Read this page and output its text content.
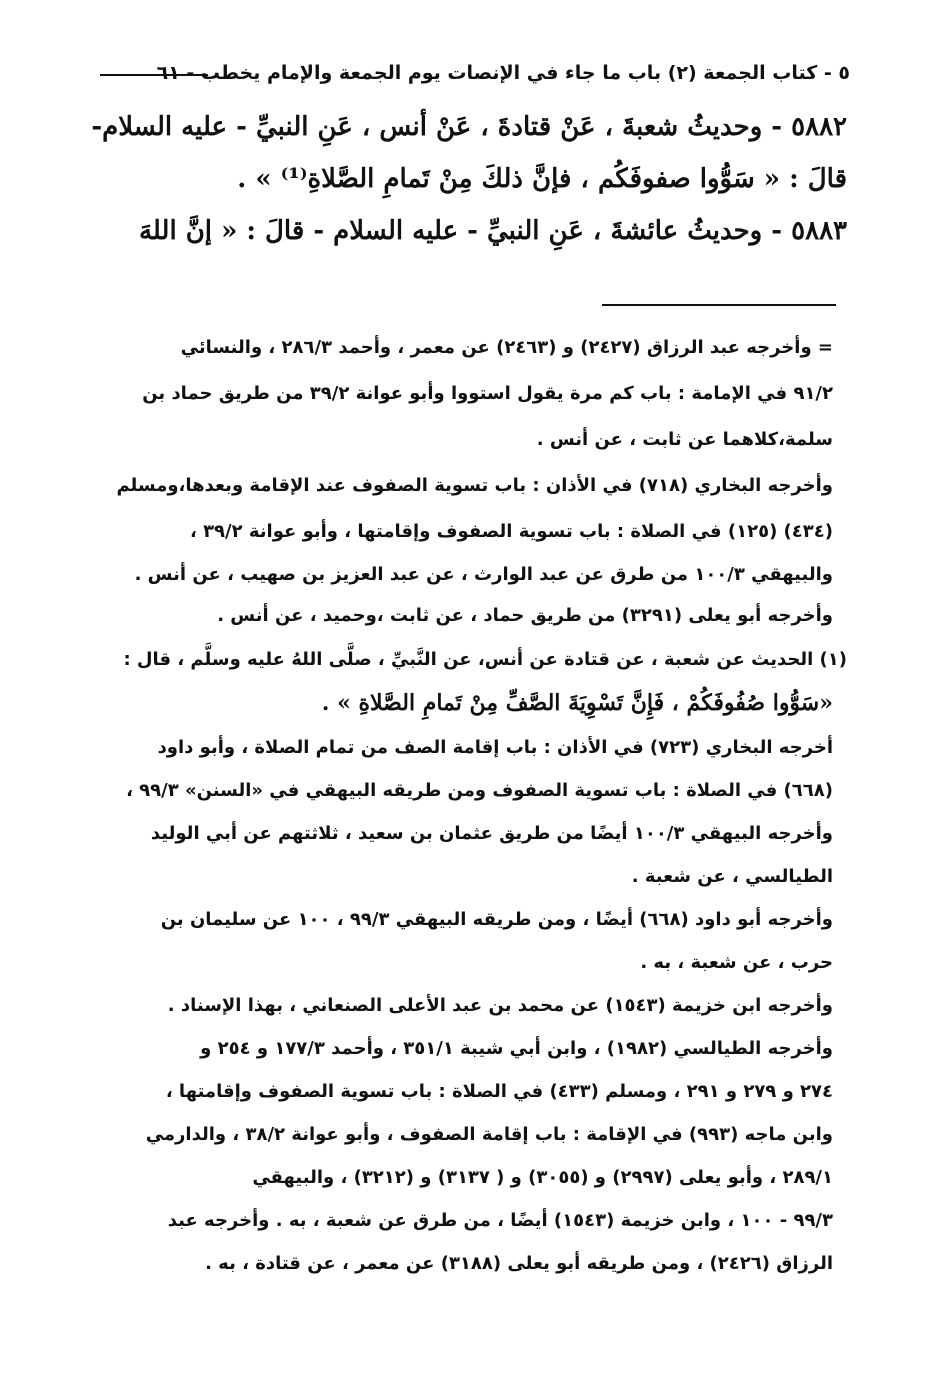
٥ - كتاب الجمعة (٢) باب ما جاء في الإنصات يوم الجمعة والإمام يخطب - ٦١
٥٨٨٢ - وحديثُ شعبةَ ، عَنْ قتادةَ ، عَنْ أنس ، عَنِ النبيِّ - عليه السلام-
قالَ : « سَوُّوا صفوفَكُم ، فإنَّ ذلكَ مِنْ تَمامِ الصَّلاةِ⁽¹⁾ » .
٥٨٨٣ - وحديثُ عائشةَ ، عَنِ النبيِّ - عليه السلام - قالَ : « إنَّ اللهَ
= وأخرجه عبد الرزاق (٢٤٢٧) و (٢٤٦٣) عن معمر ، وأحمد ٢٨٦/٣ ، والنسائي
٩١/٢ في الإمامة : باب كم مرة يقول استووا وأبو عوانة ٣٩/٢ من طريق حماد بن
سلمة،كلاهما عن ثابت ، عن أنس .
وأخرجه البخاري (٧١٨) في الأذان : باب تسوية الصفوف عند الإقامة وبعدها،ومسلم
(٤٣٤) (١٢٥) في الصلاة : باب تسوية الصفوف وإقامتها ، وأبو عوانة ٣٩/٢ ،
والبيهقي ١٠٠/٣ من طرق عن عبد الوارث ، عن عبد العزيز بن صهيب ، عن أنس .
وأخرجه أبو يعلى (٣٢٩١) من طريق حماد ، عن ثابت ،وحميد ، عن أنس .
(١) الحديث عن شعبة ، عن قتادة عن أنس، عن النَّبيِّ ، صلَّى اللهُ عليه وسلَّم ، قال :
«سَوُّوا صُفُوفَكُمْ ، فَإِنَّ تَسْوِيَةَ الصَّفِّ مِنْ تَمامِ الصَّلاةِ » .
أخرجه البخاري (٧٢٣) في الأذان : باب إقامة الصف من تمام الصلاة ، وأبو داود
(٦٦٨) في الصلاة : باب تسوية الصفوف ومن طريقه البيهقي في «السنن» ٩٩/٣ ،
وأخرجه البيهقي ١٠٠/٣ أيضًا من طريق عثمان بن سعيد ، ثلاثتهم عن أبي الوليد
الطيالسي ، عن شعبة .
وأخرجه أبو داود (٦٦٨) أيضًا ، ومن طريقه البيهقي ٩٩/٣ ، ١٠٠ عن سليمان بن
حرب ، عن شعبة ، به .
وأخرجه ابن خزيمة (١٥٤٣) عن محمد بن عبد الأعلى الصنعاني ، بهذا الإسناد .
وأخرجه الطيالسي (١٩٨٢) ، وابن أبي شيبة ٣٥١/١ ، وأحمد ١٧٧/٣ و ٢٥٤ و
٢٧٤ و ٢٧٩ و ٢٩١ ، ومسلم (٤٣٣) في الصلاة : باب تسوية الصفوف وإقامتها ،
وابن ماجه (٩٩٣) في الإقامة : باب إقامة الصفوف ، وأبو عوانة ٣٨/٢ ، والدارمي
٢٨٩/١ ، وأبو يعلى (٢٩٩٧) و (٣٠٥٥) و ( ٣١٣٧) و (٣٢١٢) ، والبيهقي
٩٩/٣ - ١٠٠ ، وابن خزيمة (١٥٤٣) أيضًا ، من طرق عن شعبة ، به . وأخرجه عبد
الرزاق (٢٤٢٦) ، ومن طريقه أبو يعلى (٣١٨٨) عن معمر ، عن قتادة ، به .
